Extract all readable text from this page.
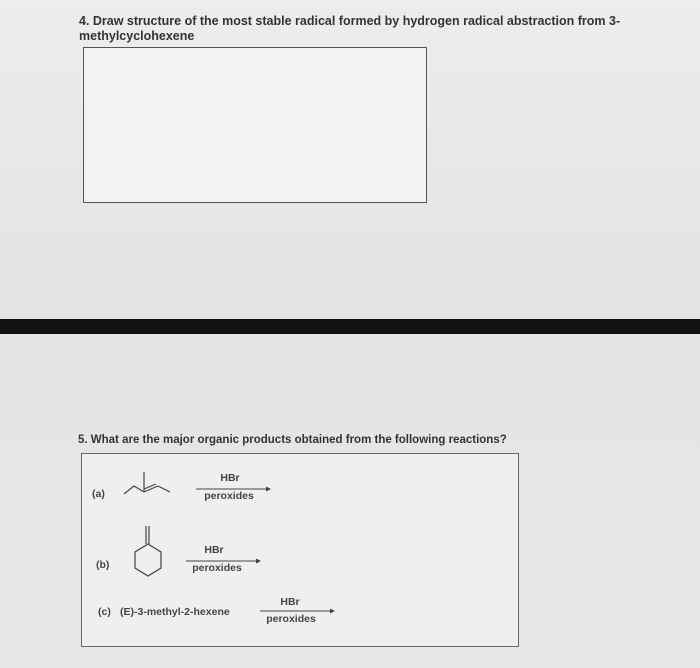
4. Draw structure of the most stable radical formed by hydrogen radical abstraction from 3-methylcyclohexene
5. What are the major organic products obtained from the following reactions?
(a)
HBr
peroxides
(b)
HBr
peroxides
(c) (E)-3-methyl-2-hexene
HBr
peroxides
